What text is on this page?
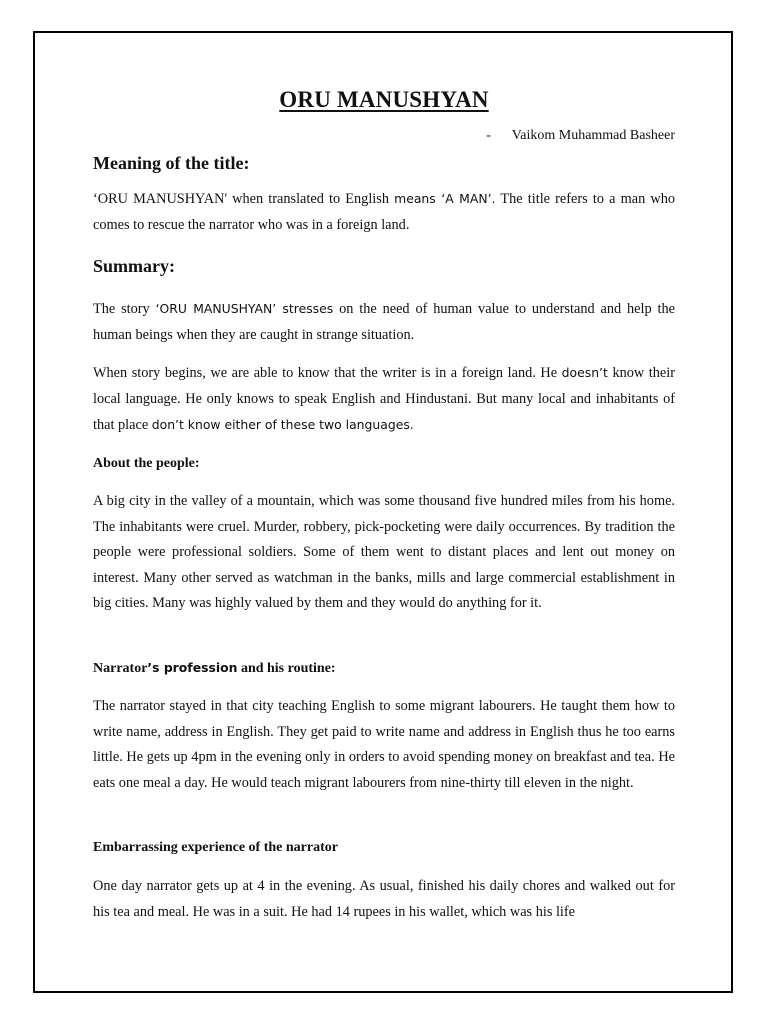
ORU MANUSHYAN
-      Vaikom Muhammad Basheer
Meaning of the title:
‘ORU MANUSHYAN' when translated to English means ‘A MAN’. The title refers to a man who comes to rescue the narrator who was in a foreign land.
Summary:
The story ‘ORU MANUSHYAN’ stresses on the need of human value to understand and help the human beings when they are caught in strange situation.
When story begins, we are able to know that the writer is in a foreign land. He doesn’t know their local language. He only knows to speak English and Hindustani. But many local and inhabitants of that place don’t know either of these two languages.
About the people:
A big city in the valley of a mountain, which was some thousand five hundred miles from his home. The inhabitants were cruel. Murder, robbery, pick-pocketing were daily occurrences. By tradition the people were professional soldiers. Some of them went to distant places and lent out money on interest. Many other served as watchman in the banks, mills and large commercial establishment in big cities. Many was highly valued by them and they would do anything for it.
Narrator’s profession and his routine:
The narrator stayed in that city teaching English to some migrant labourers. He taught them how to write name, address in English. They get paid to write name and address in English thus he too earns little. He gets up 4pm in the evening only in orders to avoid spending money on breakfast and tea. He eats one meal a day. He would teach migrant labourers from nine-thirty till eleven in the night.
Embarrassing experience of the narrator
One day narrator gets up at 4 in the evening. As usual, finished his daily chores and walked out for his tea and meal. He was in a suit. He had 14 rupees in his wallet, which was his life
